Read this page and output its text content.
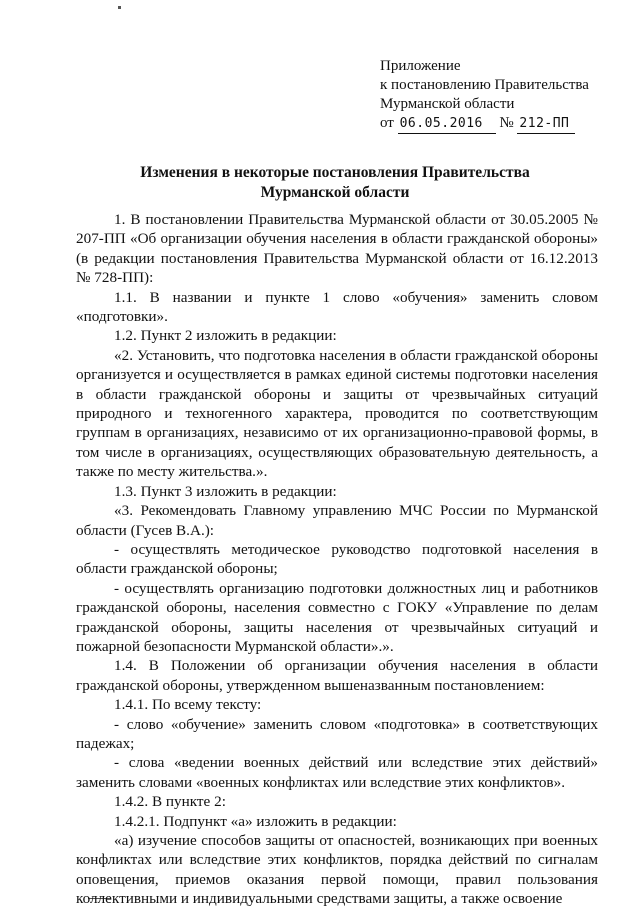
Приложение
к постановлению Правительства
Мурманской области
от 06.05.2016 № 212-ПП
Изменения в некоторые постановления Правительства
Мурманской области

1. В постановлении Правительства Мурманской области от 30.05.2005 № 207-ПП «Об организации обучения населения в области гражданской обороны» (в редакции постановления Правительства Мурманской области от 16.12.2013 № 728-ПП):

1.1. В названии и пункте 1 слово «обучения» заменить словом «подготовки».

1.2. Пункт 2 изложить в редакции:

«2. Установить, что подготовка населения в области гражданской обороны организуется и осуществляется в рамках единой системы подготовки населения в области гражданской обороны и защиты от чрезвычайных ситуаций природного и техногенного характера, проводится по соответствующим группам в организациях, независимо от их организационно-правовой формы, в том числе в организациях, осуществляющих образовательную деятельность, а также по месту жительства.».

1.3. Пункт 3 изложить в редакции:

«3. Рекомендовать Главному управлению МЧС России по Мурманской области (Гусев В.А.):

- осуществлять методическое руководство подготовкой населения в области гражданской обороны;

- осуществлять организацию подготовки должностных лиц и работников гражданской обороны, населения совместно с ГОКУ «Управление по делам гражданской обороны, защиты населения от чрезвычайных ситуаций и пожарной безопасности Мурманской области».».

1.4. В Положении об организации обучения населения в области гражданской обороны, утвержденном вышеназванным постановлением:

1.4.1. По всему тексту:

- слово «обучение» заменить словом «подготовка» в соответствующих падежах;

- слова «ведении военных действий или вследствие этих действий» заменить словами «военных конфликтах или вследствие этих конфликтов».

1.4.2. В пункте 2:

1.4.2.1. Подпункт «а» изложить в редакции:

«а) изучение способов защиты от опасностей, возникающих при военных конфликтах или вследствие этих конфликтов, порядка действий по сигналам оповещения, приемов оказания первой помощи, правил пользования коллективными и индивидуальными средствами защиты, а также освоение
